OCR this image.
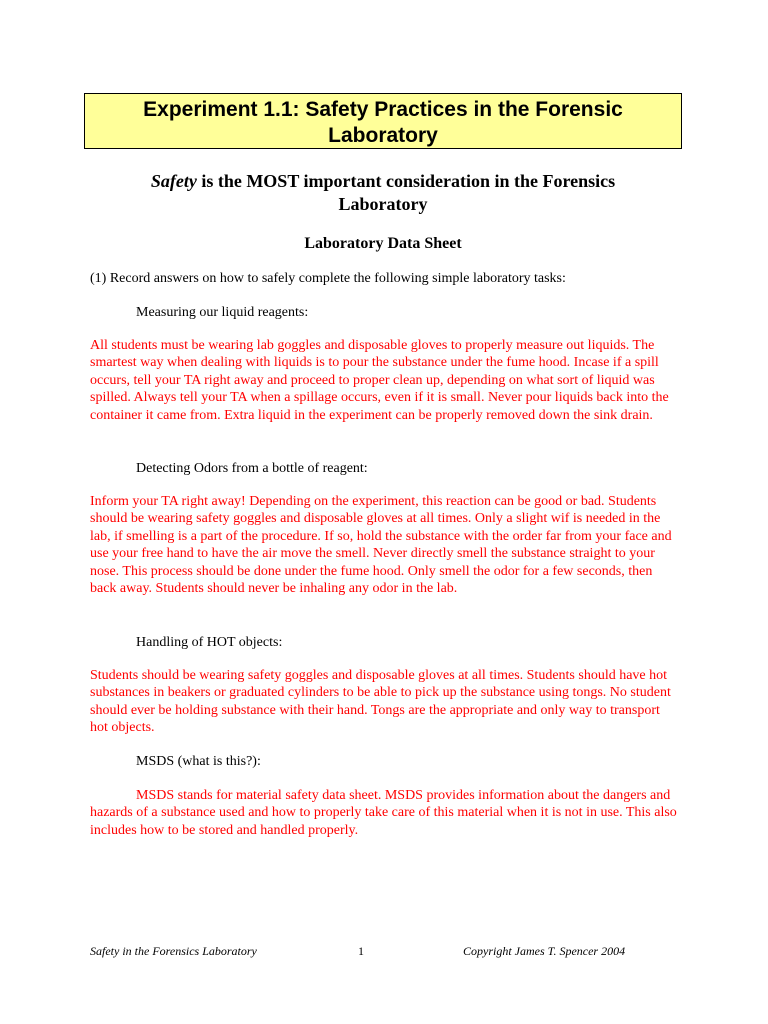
Experiment 1.1: Safety Practices in the Forensic
Laboratory
Safety is the MOST important consideration in the Forensics
Laboratory
Laboratory Data Sheet

(1) Record answers on how to safely complete the following simple laboratory tasks:

Measuring our liquid reagents:

All students must be wearing lab goggles and disposable gloves to properly measure out liquids. The smartest way when dealing with liquids is to pour the substance under the fume hood. Incase if a spill occurs, tell your TA right away and proceed to proper clean up, depending on what sort of liquid was spilled. Always tell your TA when a spillage occurs, even if it is small. Never pour liquids back into the container it came from. Extra liquid in the experiment can be properly removed down the sink drain.

Detecting Odors from a bottle of reagent:

Inform your TA right away! Depending on the experiment, this reaction can be good or bad. Students should be wearing safety goggles and disposable gloves at all times. Only a slight wif is needed in the lab, if smelling is a part of the procedure. If so, hold the substance with the order far from your face and use your free hand to have the air move the smell. Never directly smell the substance straight to your nose. This process should be done under the fume hood. Only smell the odor for a few seconds, then back away. Students should never be inhaling any odor in the lab.

Handling of HOT objects:

Students should be wearing safety goggles and disposable gloves at all times. Students should have hot substances in beakers or graduated cylinders to be able to pick up the substance using tongs. No student should ever be holding substance with their hand. Tongs are the appropriate and only way to transport hot objects.

MSDS (what is this?):

MSDS stands for material safety data sheet. MSDS provides information about the dangers and hazards of a substance used and how to properly take care of this material when it is not in use. This also includes how to be stored and handled properly.

Safety in the Forensics Laboratory	1	Copyright James T. Spencer 2004
